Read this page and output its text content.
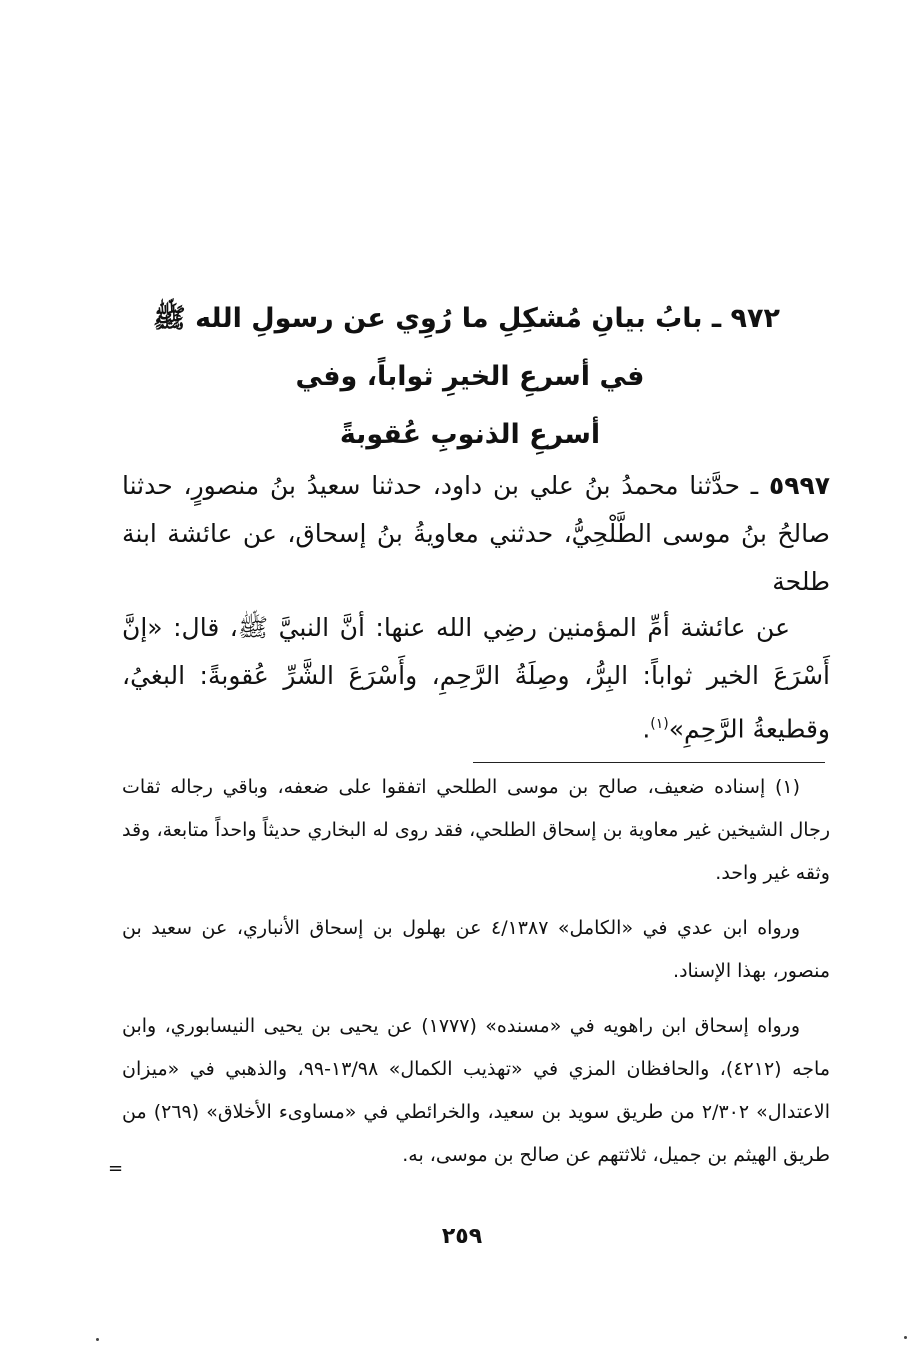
٩٧٢ ـ بابُ بيانِ مُشكِلِ ما رُوِي عن رسولِ الله ﷺ
في أسرعِ الخيرِ ثواباً، وفي
أسرعِ الذنوبِ عُقوبةً
٥٩٩٧ ـ حدَّثنا محمدُ بنُ علي بن داود، حدثنا سعيدُ بنُ منصورٍ، حدثنا صالحُ بنُ موسى الطَّلْحِيُّ، حدثني معاويةُ بنُ إسحاق، عن عائشة ابنة طلحة
عن عائشة أمِّ المؤمنين رضِي الله عنها: أنَّ النبيَّ ﷺ، قال: «إنَّ أَسْرَعَ الخير ثواباً: البِرُّ، وصِلَةُ الرَّحِمِ، وأَسْرَعَ الشَّرِّ عُقوبةً: البغيُ، وقطيعةُ الرَّحِمِ»$^{(١)}$.

(١) إسناده ضعيف، صالح بن موسى الطلحي اتفقوا على ضعفه، وباقي رجاله ثقات رجال الشيخين غير معاوية بن إسحاق الطلحي، فقد روى له البخاري حديثاً واحداً متابعة، وقد وثقه غير واحد.

ورواه ابن عدي في «الكامل» ٤/١٣٨٧ عن بهلول بن إسحاق الأنباري، عن سعيد بن منصور، بهذا الإسناد.

ورواه إسحاق ابن راهويه في «مسنده» (١٧٧٧) عن يحيى بن يحيى النيسابوري، وابن ماجه (٤٢١٢)، والحافظان المزي في «تهذيب الكمال» ١٣/٩٨-٩٩، والذهبي في «ميزان الاعتدال» ٢/٣٠٢ من طريق سويد بن سعيد، والخرائطي في «مساوىء الأخلاق» (٢٦٩) من طريق الهيثم بن جميل، ثلاثتهم عن صالح بن موسى، به.

=
٢٥٩
